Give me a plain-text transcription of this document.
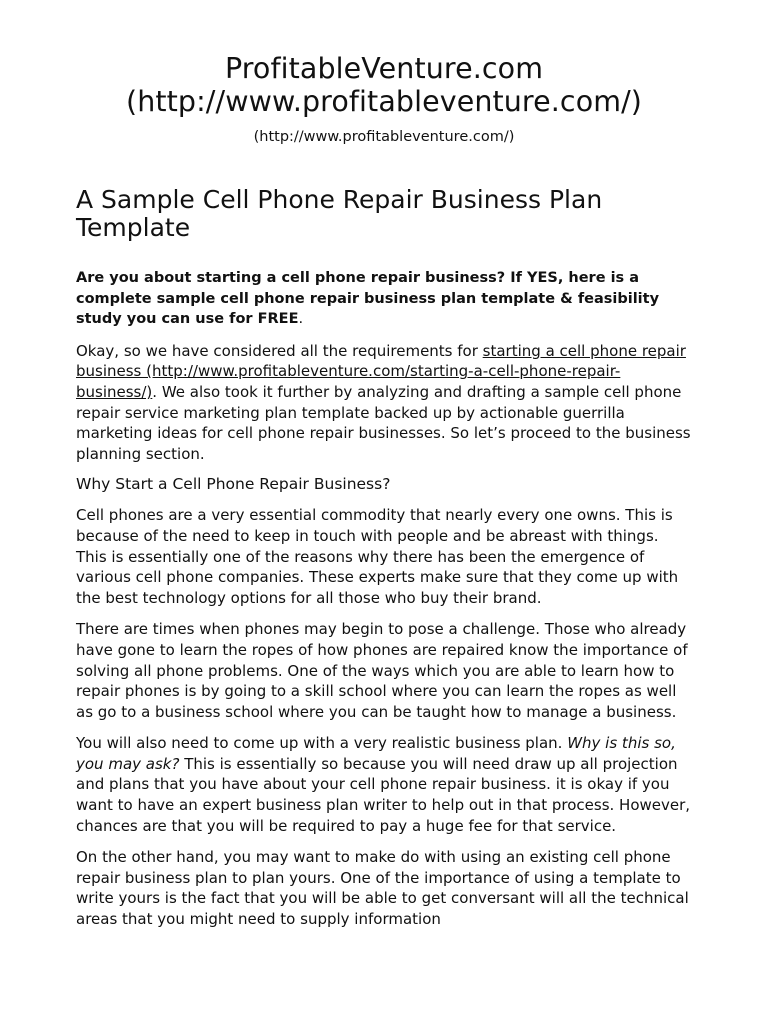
ProfitableVenture.com
(http://www.profitableventure.com/)
(http://www.profitableventure.com/)
A Sample Cell Phone Repair Business Plan Template

Are you about starting a cell phone repair business? If YES, here is a complete sample cell phone repair business plan template & feasibility study you can use for FREE.

Okay, so we have considered all the requirements for starting a cell phone repair business (http://www.profitableventure.com/starting-a-cell-phone-repair-business/). We also took it further by analyzing and drafting a sample cell phone repair service marketing plan template backed up by actionable guerrilla marketing ideas for cell phone repair businesses. So let’s proceed to the business planning section.

Why Start a Cell Phone Repair Business?

Cell phones are a very essential commodity that nearly every one owns. This is because of the need to keep in touch with people and be abreast with things. This is essentially one of the reasons why there has been the emergence of various cell phone companies. These experts make sure that they come up with the best technology options for all those who buy their brand.

There are times when phones may begin to pose a challenge. Those who already have gone to learn the ropes of how phones are repaired know the importance of solving all phone problems. One of the ways which you are able to learn how to repair phones is by going to a skill school where you can learn the ropes as well as go to a business school where you can be taught how to manage a business.

You will also need to come up with a very realistic business plan. Why is this so, you may ask? This is essentially so because you will need draw up all projection and plans that you have about your cell phone repair business. it is okay if you want to have an expert business plan writer to help out in that process. However, chances are that you will be required to pay a huge fee for that service.

On the other hand, you may want to make do with using an existing cell phone repair business plan to plan yours. One of the importance of using a template to write yours is the fact that you will be able to get conversant will all the technical areas that you might need to supply information
